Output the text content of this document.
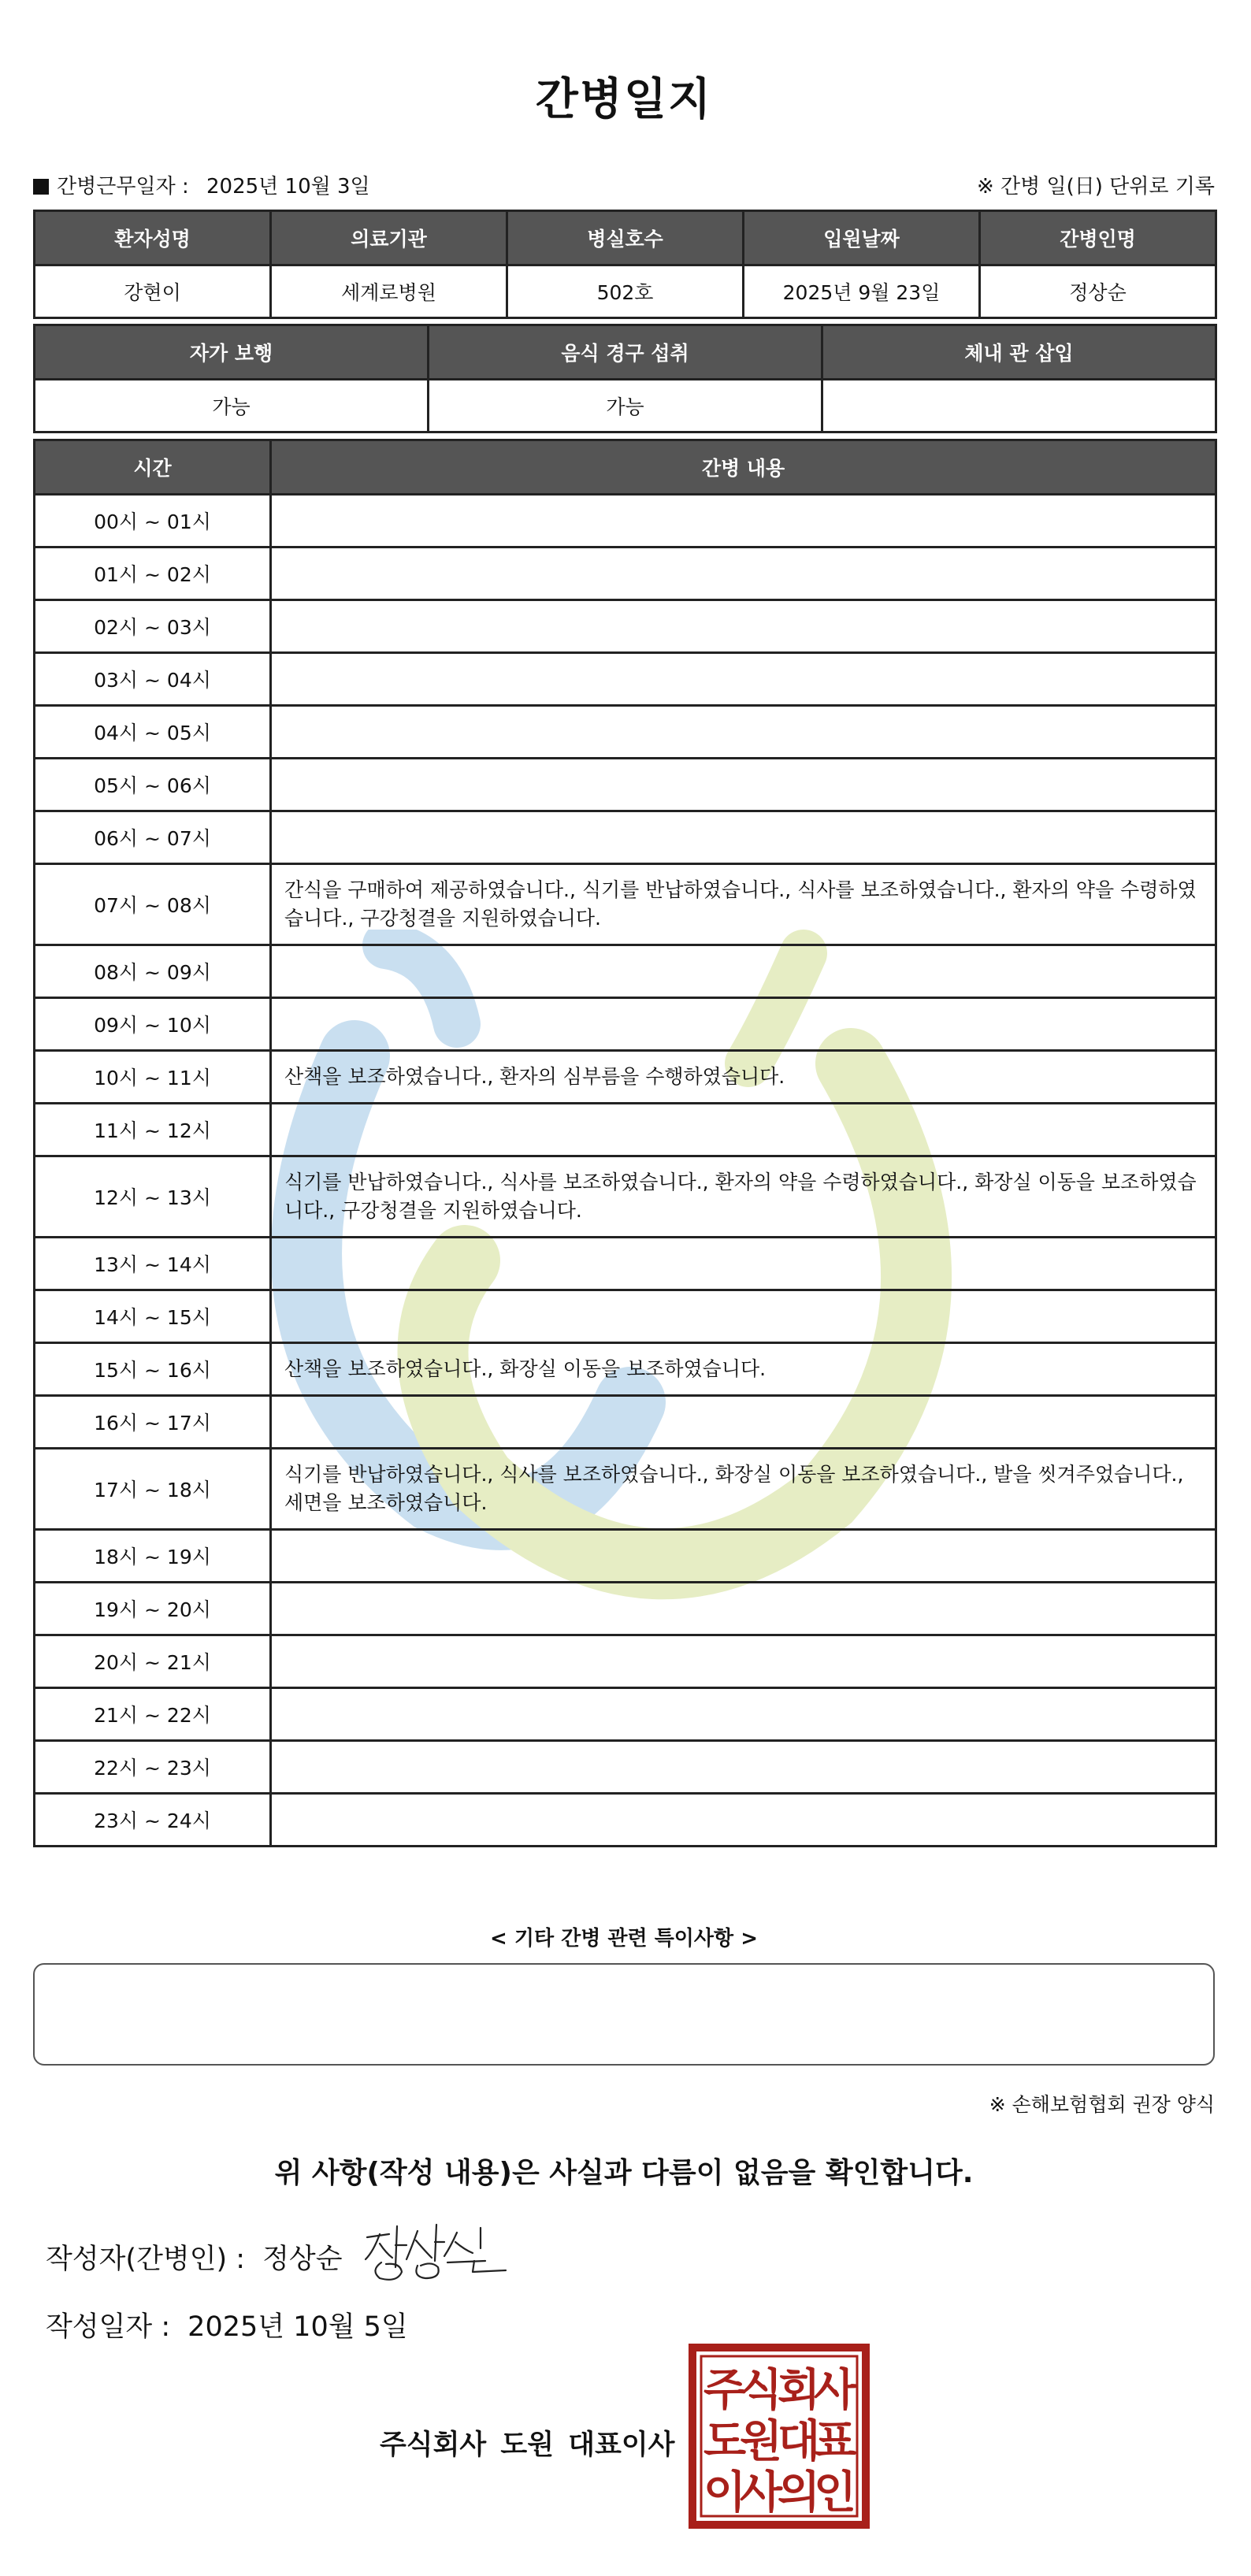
간병일지
간병근무일자 : 2025년 10월 3일	※ 간병 일(日) 단위로 기록
환자성명	의료기관	병실호수	입원날짜	간병인명
강현이	세계로병원	502호	2025년 9월 23일	정상순
자가 보행	음식 경구 섭취	체내 관 삽입
가능	가능	
시간	간병 내용
00시 ~ 01시	
01시 ~ 02시	
02시 ~ 03시	
03시 ~ 04시	
04시 ~ 05시	
05시 ~ 06시	
06시 ~ 07시	
07시 ~ 08시	간식을 구매하여 제공하였습니다., 식기를 반납하였습니다., 식사를 보조하였습니다., 환자의 약을 수령하였습니다., 구강청결을 지원하였습니다.
08시 ~ 09시	
09시 ~ 10시	
10시 ~ 11시	산책을 보조하였습니다., 환자의 심부름을 수행하였습니다.
11시 ~ 12시	
12시 ~ 13시	식기를 반납하였습니다., 식사를 보조하였습니다., 환자의 약을 수령하였습니다., 화장실 이동을 보조하였습니다., 구강청결을 지원하였습니다.
13시 ~ 14시	
14시 ~ 15시	
15시 ~ 16시	산책을 보조하였습니다., 화장실 이동을 보조하였습니다.
16시 ~ 17시	
17시 ~ 18시	식기를 반납하였습니다., 식사를 보조하였습니다., 화장실 이동을 보조하였습니다., 발을 씻겨주었습니다., 세면을 보조하였습니다.
18시 ~ 19시	
19시 ~ 20시	
20시 ~ 21시	
21시 ~ 22시	
22시 ~ 23시	
23시 ~ 24시	
< 기타 간병 관련 특이사항 >
※ 손해보험협회 권장 양식
위 사항(작성 내용)은 사실과 다름이 없음을 확인합니다.
작성자(간병인) : 정상순
작성일자 : 2025년 10월 5일
주식회사 도원 대표이사
주
식
회
사
도
원
대
표
이
사
의
인
